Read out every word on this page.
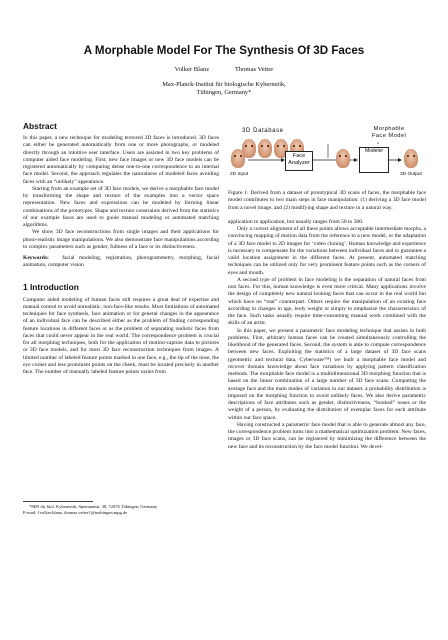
A Morphable Model For The Synthesis Of 3D Faces
Volker Blanz	Thomas Vetter
Max-Planck-Institut für biologische Kybernetik,
Tübingen, Germany*
Abstract

In this paper, a new technique for modeling textured 3D faces is introduced. 3D faces can either be generated automatically from one or more photographs, or modeled directly through an intuitive user interface. Users are assisted in two key problems of computer aided face modeling. First, new face images or new 3D face models can be registered automatically by computing dense one-to-one correspondence to an internal face model. Second, the approach regulates the naturalness of modeled faces avoiding faces with an “unlikely” appearance.

Starting from an example set of 3D face models, we derive a morphable face model by transforming the shape and texture of the examples into a vector space representation. New faces and expressions can be modeled by forming linear combinations of the prototypes. Shape and texture constraints derived from the statistics of our example faces are used to guide manual modeling or automated matching algorithms.

We show 3D face reconstructions from single images and their applications for photo-realistic image manipulations. We also demonstrate face manipulations according to complex parameters such as gender, fullness of a face or its distinctiveness.

Keywords: facial modeling, registration, photogrammetry, morphing, facial animation, computer vision

1 Introduction

Computer aided modeling of human faces still requires a great deal of expertise and manual control to avoid unrealistic, non-face-like results. Most limitations of automated techniques for face synthesis, face animation or for general changes in the appearance of an individual face can be described either as the problem of finding corresponding feature locations in different faces or as the problem of separating realistic faces from faces that could never appear in the real world. The correspondence problem is crucial for all morphing techniques, both for the application of motion-capture data to pictures or 3D face models, and for most 3D face reconstruction techniques from images. A limited number of labeled feature points marked in one face, e.g., the tip of the nose, the eye corner and less prominent points on the cheek, must be located precisely in another face. The number of manually labeled feature points varies from

*MPI für biol. Kybernetik, Spemannstr. 38, 72076 Tübingen, Germany.
E-mail: {volker.blanz, thomas.vetter}@tuebingen.mpg.de
3D Database	Morphable Face Model
Face Analyzer
Modeler
2D Input	3D Output

Figure 1: Derived from a dataset of prototypical 3D scans of faces, the morphable face model contributes to two main steps in face manipulation: (1) deriving a 3D face model from a novel image, and (2) modifying shape and texture in a natural way.

application to application, but usually ranges from 50 to 300.

Only a correct alignment of all these points allows acceptable intermediate morphs, a convincing mapping of motion data from the reference to a new model, or the adaptation of a 3D face model to 2D images for ‘video cloning’. Human knowledge and experience is necessary to compensate for the variations between individual faces and to guarantee a valid location assignment in the different faces. At present, automated matching techniques can be utilized only for very prominent feature points such as the corners of eyes and mouth.

A second type of problem in face modeling is the separation of natural faces from non faces. For this, human knowledge is even more critical. Many applications involve the design of completely new natural looking faces that can occur in the real world but which have no “real” counterpart. Others require the manipulation of an existing face according to changes in age, body weight or simply to emphasize the characteristics of the face. Such tasks usually require time-consuming manual work combined with the skills of an artist.

In this paper, we present a parametric face modeling technique that assists in both problems. First, arbitrary human faces can be created simultaneously controlling the likelihood of the generated faces. Second, the system is able to compute correspondence between new faces. Exploiting the statistics of a large dataset of 3D face scans (geometric and textural data, Cyberware™) we built a morphable face model and recover domain knowledge about face variations by applying pattern classification methods. The morphable face model is a multidimensional 3D morphing function that is based on the linear combination of a large number of 3D face scans. Computing the average face and the main modes of variation in our dataset, a probability distribution is imposed on the morphing function to avoid unlikely faces. We also derive parametric descriptions of face attributes such as gender, distinctiveness, “hooked” noses or the weight of a person, by evaluating the distribution of exemplar faces for each attribute within our face space.

Having constructed a parametric face model that is able to generate almost any face, the correspondence problem turns into a mathematical optimization problem. New faces, images or 3D face scans, can be registered by minimizing the difference between the new face and its reconstruction by the face model function. We devel-
